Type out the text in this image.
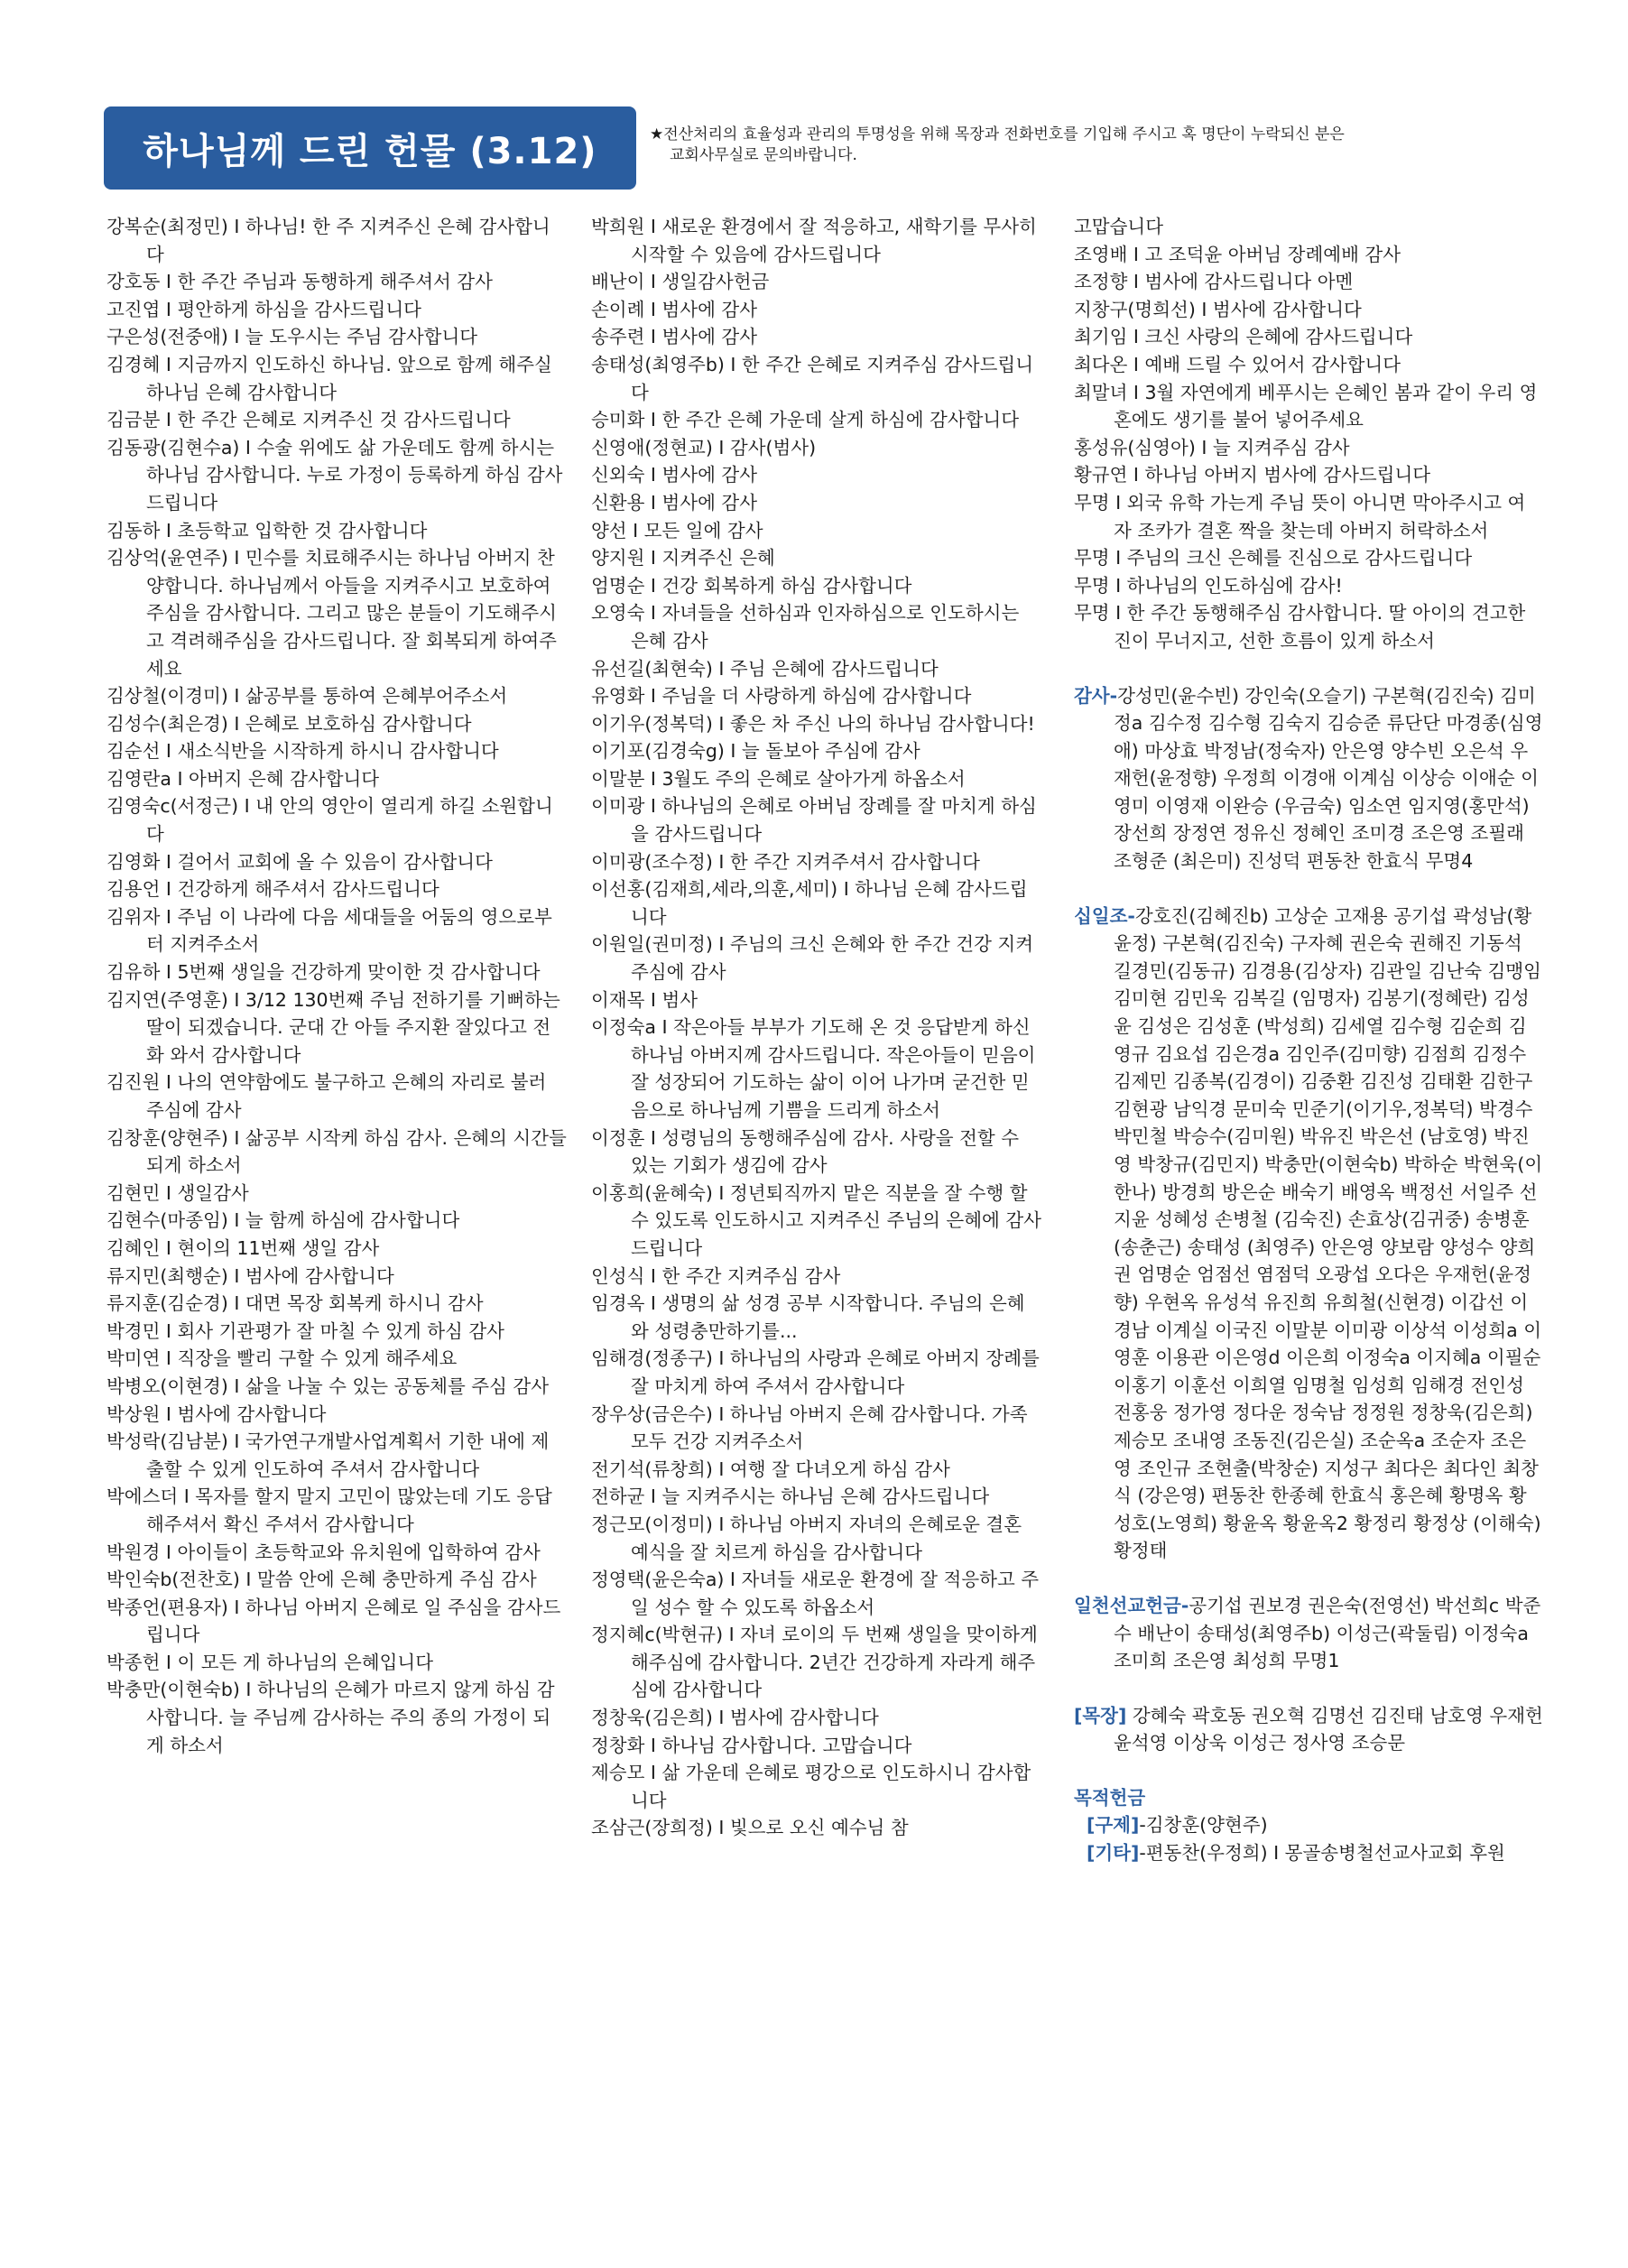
하나님께 드린 헌물 (3.12)	★전산처리의 효율성과 관리의 투명성을 위해 목장과 전화번호를 기입해 주시고 혹 명단이 누락되신 분은
교회사무실로 문의바랍니다.
강복순(최정민) I 하나님! 한 주 지켜주신 은혜 감사합니다
강호동 I 한 주간 주님과 동행하게 해주셔서 감사
고진엽 I 평안하게 하심을 감사드립니다
구은성(전중애) I 늘 도우시는 주님 감사합니다
김경혜 I 지금까지 인도하신 하나님. 앞으로 함께 해주실 하나님 은혜 감사합니다
김금분 I 한 주간 은혜로 지켜주신 것 감사드립니다
김동광(김현수a) I 수술 위에도 삶 가운데도 함께 하시는 하나님 감사합니다. 누로 가정이 등록하게 하심 감사드립니다
김동하 I 초등학교 입학한 것 감사합니다
김상억(윤연주) I 민수를 치료해주시는 하나님 아버지 찬양합니다. 하나님께서 아들을 지켜주시고 보호하여 주심을 감사합니다. 그리고 많은 분들이 기도해주시고 격려해주심을 감사드립니다. 잘 회복되게 하여주세요
김상철(이경미) I 삶공부를 통하여 은혜부어주소서
김성수(최은경) I 은혜로 보호하심 감사합니다
김순선 I 새소식반을 시작하게 하시니 감사합니다
김영란a I 아버지 은혜 감사합니다
김영숙c(서정근) I 내 안의 영안이 열리게 하길 소원합니다
김영화 I 걸어서 교회에 올 수 있음이 감사합니다
김용언 I 건강하게 해주셔서 감사드립니다
김위자 I 주님 이 나라에 다음 세대들을 어둠의 영으로부터 지켜주소서
김유하 I 5번째 생일을 건강하게 맞이한 것 감사합니다
김지연(주영훈) I 3/12 130번째 주님 전하기를 기뻐하는 딸이 되겠습니다. 군대 간 아들 주지환 잘있다고 전화 와서 감사합니다
김진원 I 나의 연약함에도 불구하고 은혜의 자리로 불러 주심에 감사
김창훈(양현주) I 삶공부 시작케 하심 감사. 은혜의 시간들 되게 하소서
김현민 I 생일감사
김현수(마종임) I 늘 함께 하심에 감사합니다
김혜인 I 현이의 11번째 생일 감사
류지민(최행순) I 범사에 감사합니다
류지훈(김순경) I 대면 목장 회복케 하시니 감사
박경민 I 회사 기관평가 잘 마칠 수 있게 하심 감사
박미연 I 직장을 빨리 구할 수 있게 해주세요
박병오(이현경) I 삶을 나눌 수 있는 공동체를 주심 감사
박상원 I 범사에 감사합니다
박성락(김남분) I 국가연구개발사업계획서 기한 내에 제출할 수 있게 인도하여 주셔서 감사합니다
박에스더 I 목자를 할지 말지 고민이 많았는데 기도 응답해주셔서 확신 주셔서 감사합니다
박원경 I 아이들이 초등학교와 유치원에 입학하여 감사
박인숙b(전찬호) I 말씀 안에 은혜 충만하게 주심 감사
박종언(편용자) I 하나님 아버지 은혜로 일 주심을 감사드립니다
박종헌 I 이 모든 게 하나님의 은혜입니다
박충만(이현숙b) I 하나님의 은혜가 마르지 않게 하심 감사합니다. 늘 주님께 감사하는 주의 종의 가정이 되게 하소서
박희원 I 새로운 환경에서 잘 적응하고, 새학기를 무사히 시작할 수 있음에 감사드립니다
배난이 I 생일감사헌금
손이례 I 범사에 감사
송주련 I 범사에 감사
송태성(최영주b) I 한 주간 은혜로 지켜주심 감사드립니다
승미화 I 한 주간 은혜 가운데 살게 하심에 감사합니다
신영애(정현교) I 감사(범사)
신외숙 I 범사에 감사
신환용 I 범사에 감사
양선 I 모든 일에 감사
양지원 I 지켜주신 은혜
엄명순 I 건강 회복하게 하심 감사합니다
오영숙 I 자녀들을 선하심과 인자하심으로 인도하시는 은혜 감사
유선길(최현숙) I 주님 은혜에 감사드립니다
유영화 I 주님을 더 사랑하게 하심에 감사합니다
이기우(정복덕) I 좋은 차 주신 나의 하나님 감사합니다!
이기포(김경숙g) I 늘 돌보아 주심에 감사
이말분 I 3월도 주의 은혜로 살아가게 하옵소서
이미광 I 하나님의 은혜로 아버님 장례를 잘 마치게 하심을 감사드립니다
이미광(조수정) I 한 주간 지켜주셔서 감사합니다
이선홍(김재희,세라,의훈,세미) I 하나님 은혜 감사드립니다
이원일(권미정) I 주님의 크신 은혜와 한 주간 건강 지켜주심에 감사
이재목 I 범사
이정숙a I 작은아들 부부가 기도해 온 것 응답받게 하신 하나님 아버지께 감사드립니다. 작은아들이 믿음이 잘 성장되어 기도하는 삶이 이어 나가며 굳건한 믿음으로 하나님께 기쁨을 드리게 하소서
이정훈 I 성령님의 동행해주심에 감사. 사랑을 전할 수 있는 기회가 생김에 감사
이홍희(윤혜숙) I 정년퇴직까지 맡은 직분을 잘 수행 할 수 있도록 인도하시고 지켜주신 주님의 은혜에 감사드립니다
인성식 I 한 주간 지켜주심 감사
임경옥 I 생명의 삶 성경 공부 시작합니다. 주님의 은혜와 성령충만하기를...
임해경(정종구) I 하나님의 사랑과 은혜로 아버지 장례를 잘 마치게 하여 주셔서 감사합니다
장우상(금은수) I 하나님 아버지 은혜 감사합니다. 가족 모두 건강 지켜주소서
전기석(류창희) I 여행 잘 다녀오게 하심 감사
전하균 I 늘 지켜주시는 하나님 은혜 감사드립니다
정근모(이정미) I 하나님 아버지 자녀의 은혜로운 결혼 예식을 잘 치르게 하심을 감사합니다
정영택(윤은숙a) I 자녀들 새로운 환경에 잘 적응하고 주일 성수 할 수 있도록 하옵소서
정지혜c(박현규) I 자녀 로이의 두 번째 생일을 맞이하게 해주심에 감사합니다. 2년간 건강하게 자라게 해주심에 감사합니다
정창욱(김은희) I 범사에 감사합니다
정창화 I 하나님 감사합니다. 고맙습니다
제승모 I 삶 가운데 은혜로 평강으로 인도하시니 감사합니다
조삼근(장희정) I 빛으로 오신 예수님 참
고맙습니다
조영배 I 고 조덕윤 아버님 장례예배 감사
조정향 I 범사에 감사드립니다 아멘
지창구(명희선) I 범사에 감사합니다
최기임 I 크신 사랑의 은혜에 감사드립니다
최다온 I 예배 드릴 수 있어서 감사합니다
최말녀 I 3월 자연에게 베푸시는 은혜인 봄과 같이 우리 영혼에도 생기를 불어 넣어주세요
홍성유(심영아) I 늘 지켜주심 감사
황규연 I 하나님 아버지 범사에 감사드립니다
무명 I 외국 유학 가는게 주님 뜻이 아니면 막아주시고 여자 조카가 결혼 짝을 찾는데 아버지 허락하소서
무명 I 주님의 크신 은혜를 진심으로 감사드립니다
무명 I 하나님의 인도하심에 감사!
무명 I 한 주간 동행해주심 감사합니다. 딸 아이의 견고한 진이 무너지고, 선한 흐름이 있게 하소서
감사-강성민(윤수빈) 강인숙(오슬기) 구본혁(김진숙) 김미정a 김수정 김수형 김숙지 김승준 류단단 마경종(심영애) 마상효 박정남(정숙자) 안은영 양수빈 오은석 우재헌(윤정향) 우정희 이경애 이계심 이상승 이애순 이영미 이영재 이완승 (우금숙) 임소연 임지영(홍만석) 장선희 장정연 정유신 정혜인 조미경 조은영 조필래 조형준 (최은미) 진성덕 편동찬 한효식 무명4
십일조-강호진(김혜진b) 고상순 고재용 공기섭 곽성남(황윤정) 구본혁(김진숙) 구자혜 권은숙 권해진 기동석 길경민(김동규) 김경용(김상자) 김관일 김난숙 김맹임 김미현 김민욱 김복길 (임명자) 김봉기(정혜란) 김성윤 김성은 김성훈 (박성희) 김세열 김수형 김순희 김영규 김요섭 김은경a 김인주(김미향) 김점희 김정수 김제민 김종복(김경이) 김중환 김진성 김태환 김한구 김현광 남익경 문미숙 민준기(이기우,정복덕) 박경수 박민철 박승수(김미원) 박유진 박은선 (남호영) 박진영 박창규(김민지) 박충만(이현숙b) 박하순 박현욱(이한나) 방경희 방은순 배숙기 배영옥 백정선 서일주 선지윤 성혜성 손병철 (김숙진) 손효상(김귀중) 송병훈(송춘근) 송태성 (최영주) 안은영 양보람 양성수 양희권 엄명순 엄점선 염점덕 오광섭 오다은 우재헌(윤정향) 우현옥 유성석 유진희 유희철(신현경) 이갑선 이경남 이계실 이국진 이말분 이미광 이상석 이성희a 이영훈 이용관 이은영d 이은희 이정숙a 이지혜a 이필순 이홍기 이훈선 이희열 임명철 임성희 임해경 전인성 전홍웅 정가영 정다운 정숙남 정정원 정창욱(김은희) 제승모 조내영 조동진(김은실) 조순옥a 조순자 조은영 조인규 조현출(박창순) 지성구 최다은 최다인 최창식 (강은영) 편동찬 한종혜 한효식 홍은혜 황명옥 황성호(노영희) 황윤옥 황윤옥2 황정리 황정상 (이해숙) 황정태
일천선교헌금-공기섭 권보경 권은숙(전영선) 박선희c 박준수 배난이 송태성(최영주b) 이성근(곽둘림) 이정숙a 조미희 조은영 최성희 무명1
[목장] 강혜숙 곽호동 권오혁 김명선 김진태 남호영 우재헌 윤석영 이상욱 이성근 정사영 조승문
목적헌금
[구제]-김창훈(양현주)
[기타]-편동찬(우정희) I 몽골송병철선교사교회 후원
